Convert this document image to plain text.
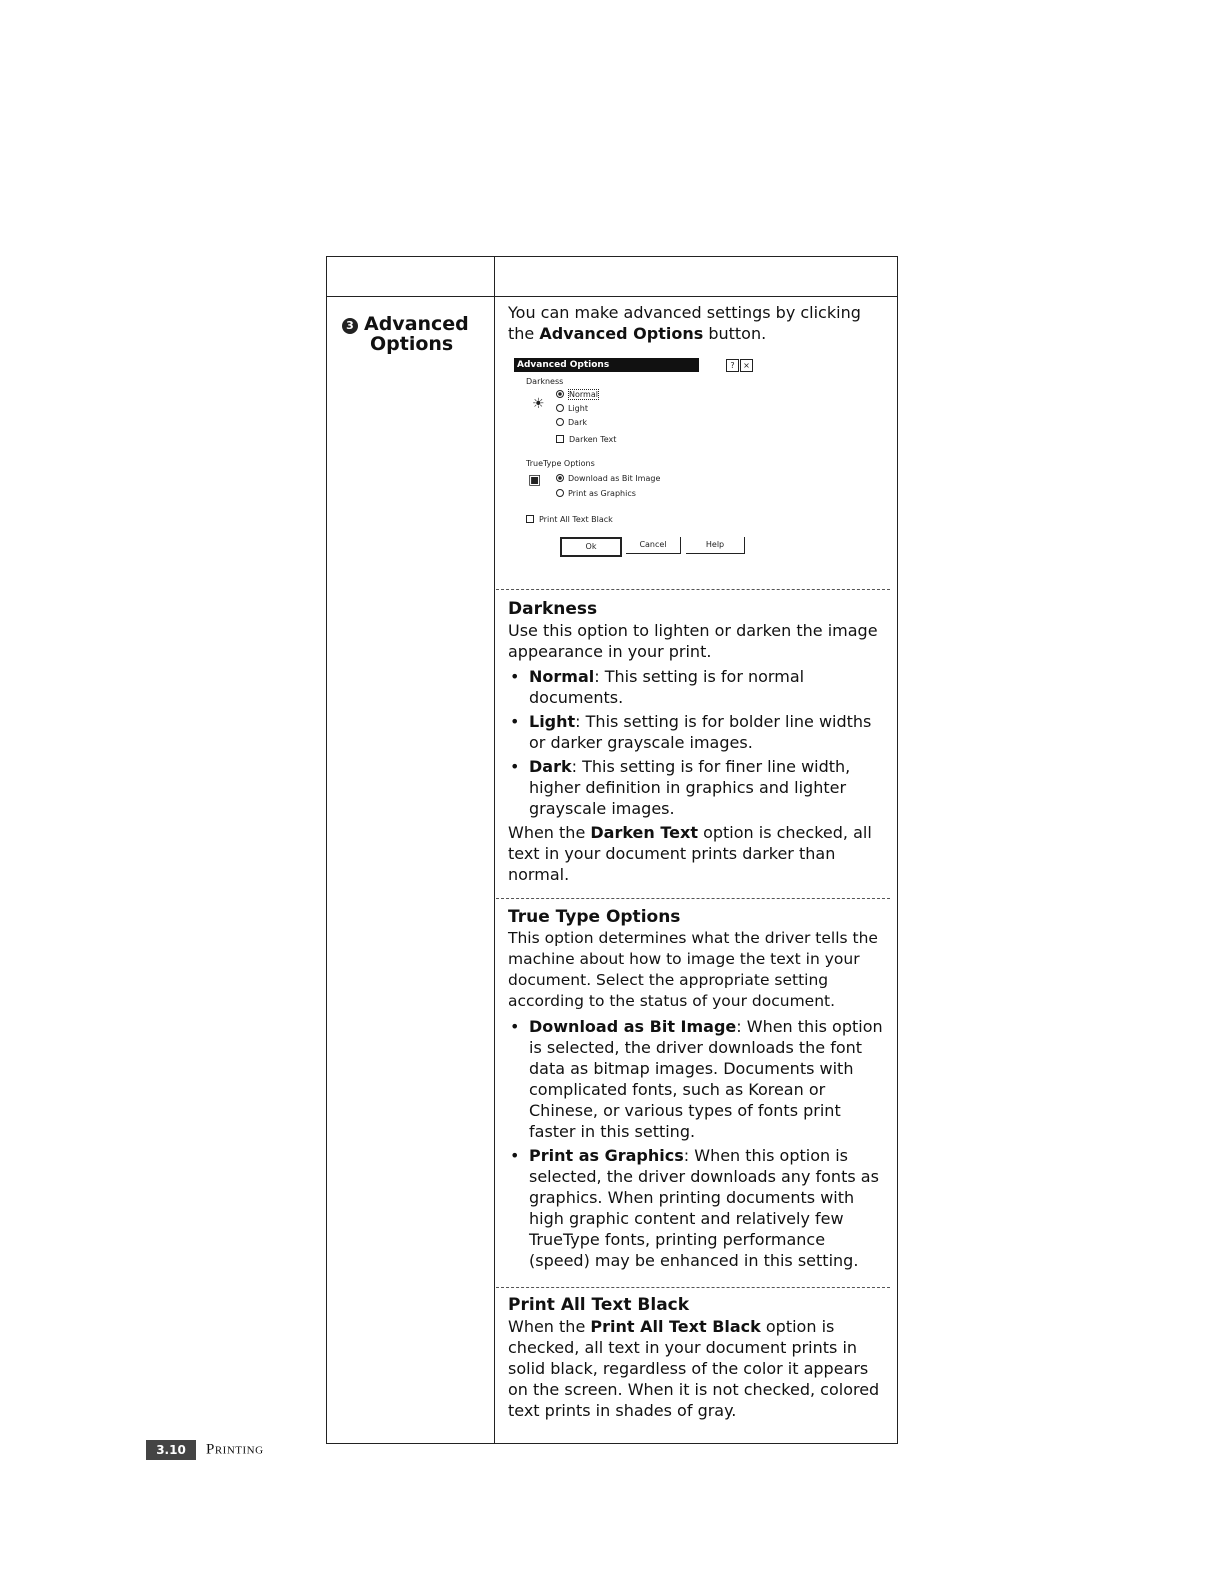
3 Advanced
Options

You can make advanced settings by clicking the Advanced Options button.

Advanced Options	? ×
Darkness
☀
Normal
Light
Dark
Darken Text
TrueType Options
▣	Download as Bit Image
Print as Graphics
Print All Text Black
Ok	Cancel	Help
Darkness

Use this option to lighten or darken the image appearance in your print.

• Normal: This setting is for normal documents.
• Light: This setting is for bolder line widths or darker grayscale images.
• Dark: This setting is for finer line width, higher definition in graphics and lighter grayscale images.

When the Darken Text option is checked, all text in your document prints darker than normal.

True Type Options

This option determines what the driver tells the machine about how to image the text in your document. Select the appropriate setting according to the status of your document.

• Download as Bit Image: When this option is selected, the driver downloads the font data as bitmap images. Documents with complicated fonts, such as Korean or Chinese, or various types of fonts print faster in this setting.
• Print as Graphics: When this option is selected, the driver downloads any fonts as graphics. When printing documents with high graphic content and relatively few TrueType fonts, printing performance (speed) may be enhanced in this setting.
Print All Text Black

When the Print All Text Black option is checked, all text in your document prints in solid black, regardless of the color it appears on the screen. When it is not checked, colored text prints in shades of gray.

3.10 Printing
